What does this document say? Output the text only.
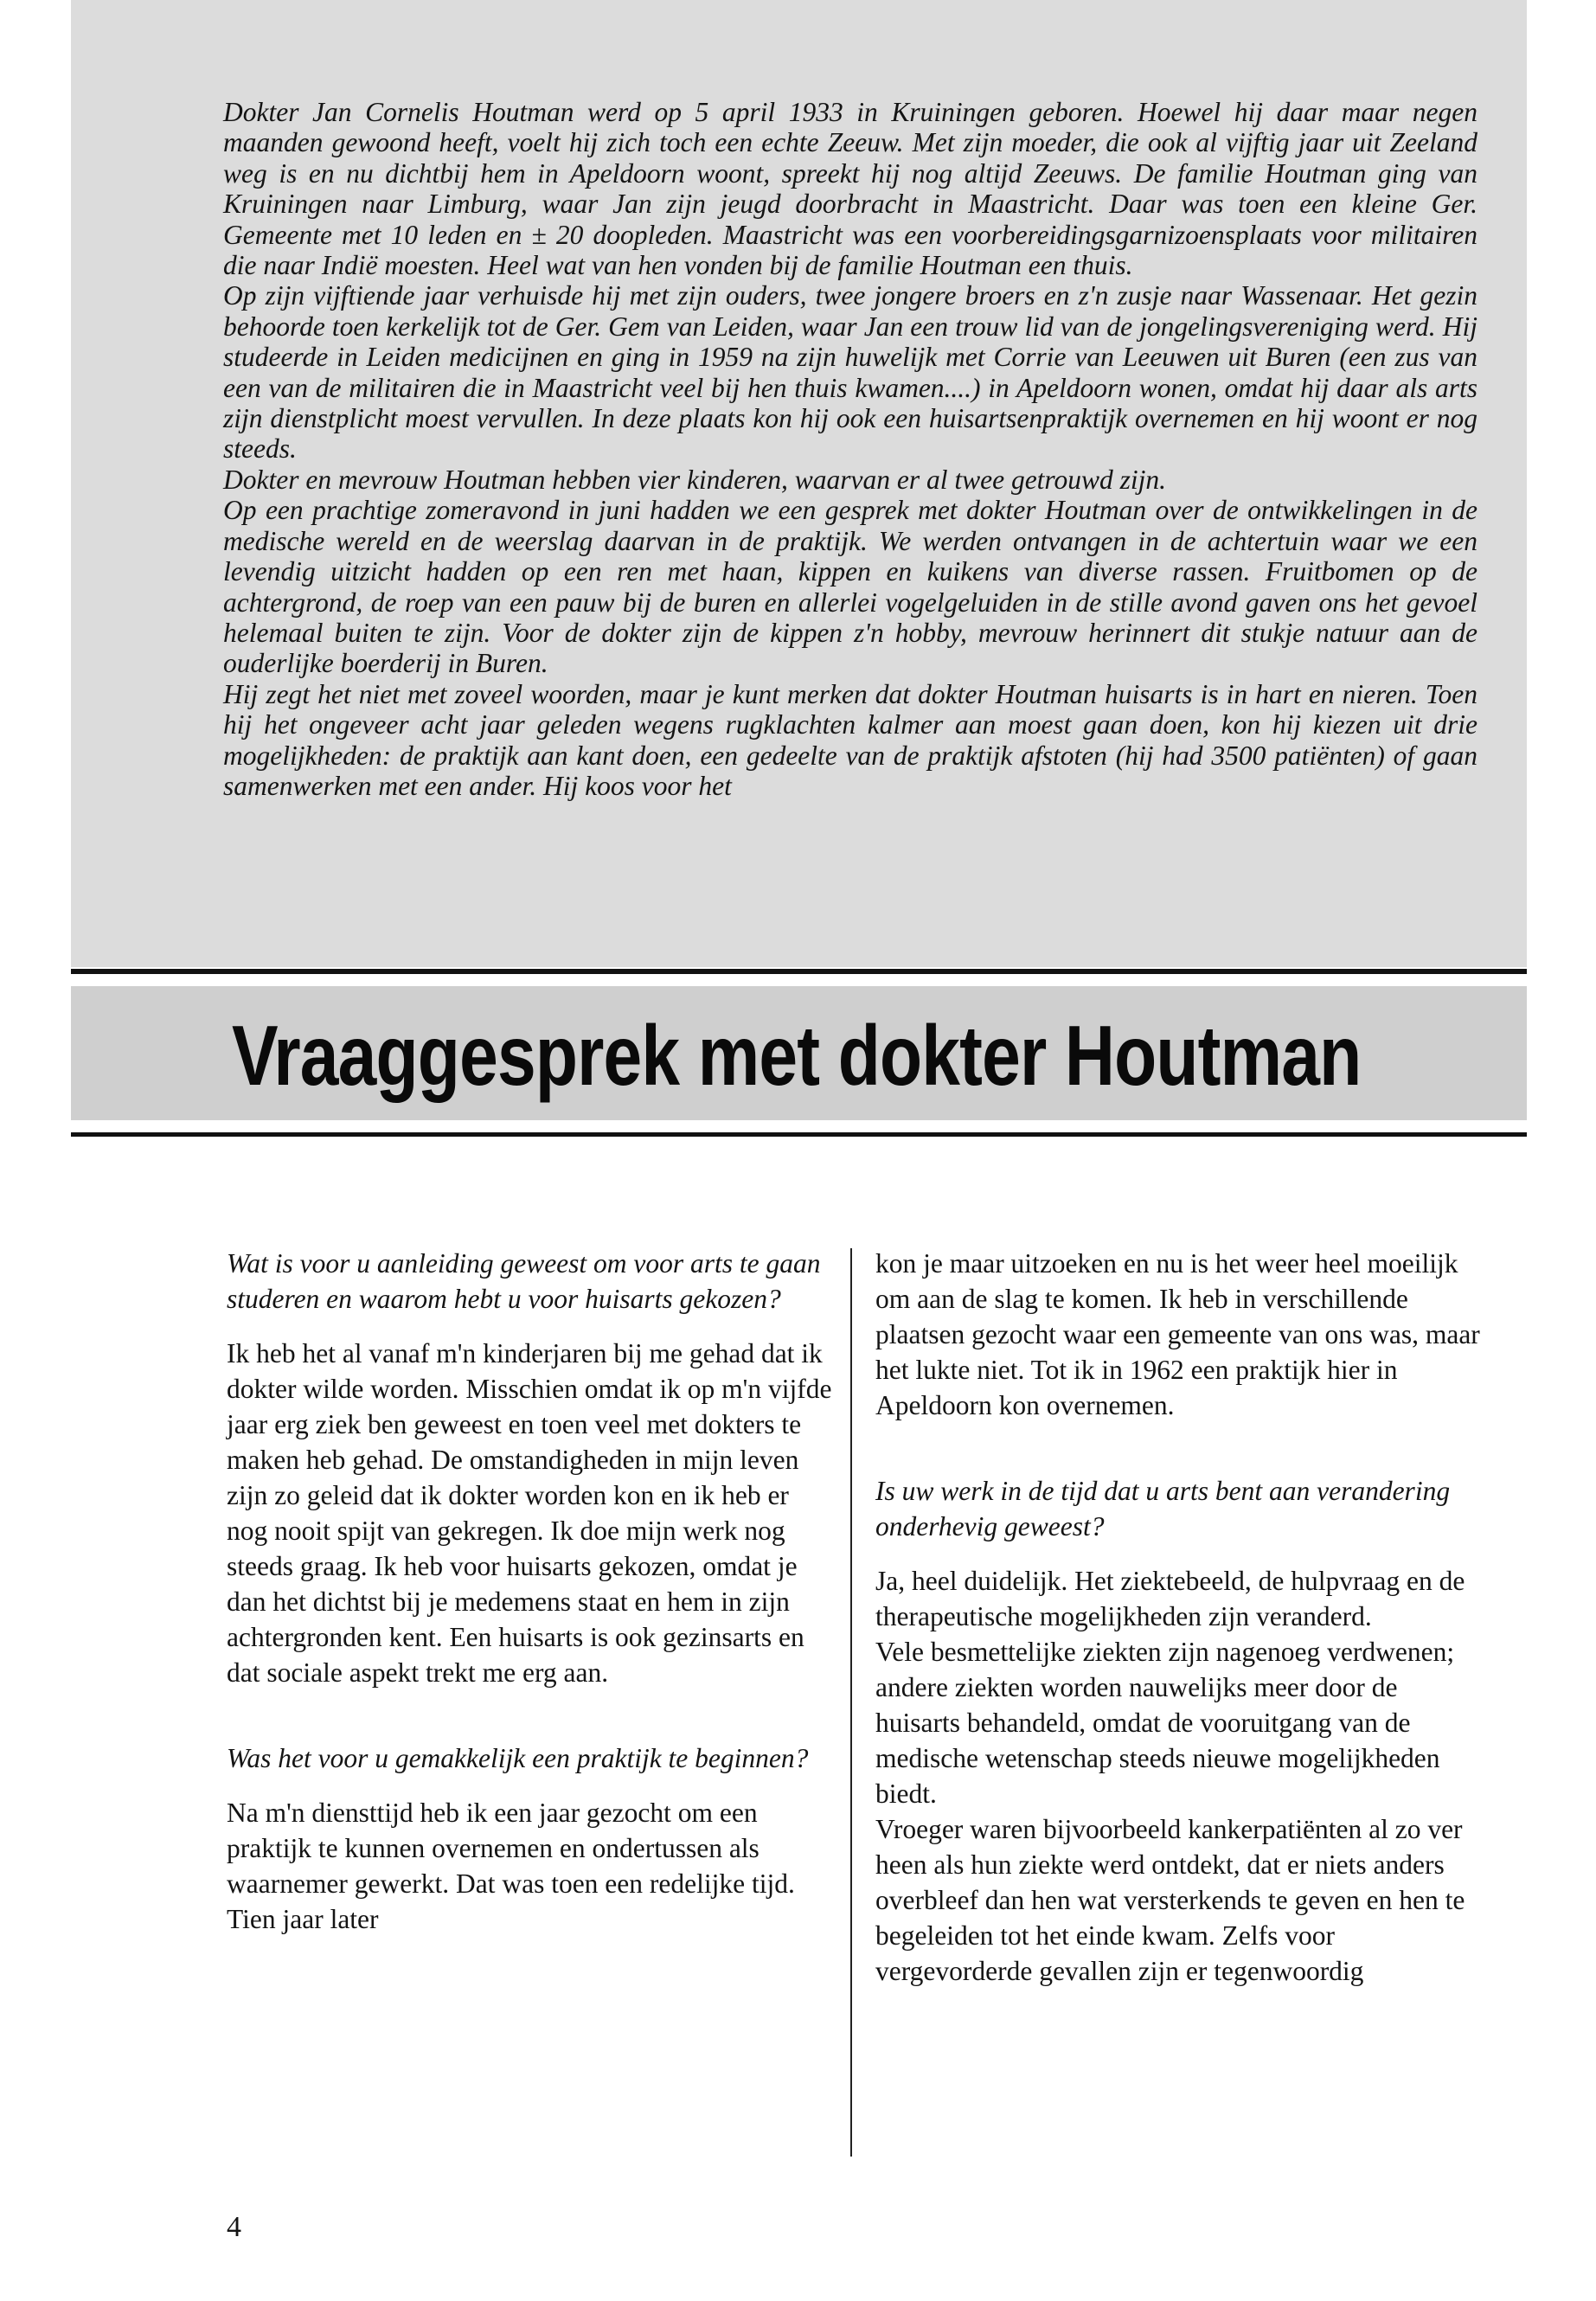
Dokter Jan Cornelis Houtman werd op 5 april 1933 in Kruiningen geboren. Hoewel hij daar maar negen maanden gewoond heeft, voelt hij zich toch een echte Zeeuw. Met zijn moeder, die ook al vijftig jaar uit Zeeland weg is en nu dichtbij hem in Apeldoorn woont, spreekt hij nog altijd Zeeuws. De familie Houtman ging van Kruiningen naar Limburg, waar Jan zijn jeugd doorbracht in Maastricht. Daar was toen een kleine Ger. Gemeente met 10 leden en ± 20 doopleden. Maastricht was een voorbereidingsgarnizoensplaats voor militairen die naar Indië moesten. Heel wat van hen vonden bij de familie Houtman een thuis.

Op zijn vijftiende jaar verhuisde hij met zijn ouders, twee jongere broers en z'n zusje naar Wassenaar. Het gezin behoorde toen kerkelijk tot de Ger. Gem van Leiden, waar Jan een trouw lid van de jongelingsvereniging werd. Hij studeerde in Leiden medicijnen en ging in 1959 na zijn huwelijk met Corrie van Leeuwen uit Buren (een zus van een van de militairen die in Maastricht veel bij hen thuis kwamen....) in Apeldoorn wonen, omdat hij daar als arts zijn dienstplicht moest vervullen. In deze plaats kon hij ook een huisartsenpraktijk overnemen en hij woont er nog steeds.

Dokter en mevrouw Houtman hebben vier kinderen, waarvan er al twee getrouwd zijn.

Op een prachtige zomeravond in juni hadden we een gesprek met dokter Houtman over de ontwikkelingen in de medische wereld en de weerslag daarvan in de praktijk. We werden ontvangen in de achtertuin waar we een levendig uitzicht hadden op een ren met haan, kippen en kuikens van diverse rassen. Fruitbomen op de achtergrond, de roep van een pauw bij de buren en allerlei vogelgeluiden in de stille avond gaven ons het gevoel helemaal buiten te zijn. Voor de dokter zijn de kippen z'n hobby, mevrouw herinnert dit stukje natuur aan de ouderlijke boerderij in Buren.

Hij zegt het niet met zoveel woorden, maar je kunt merken dat dokter Houtman huisarts is in hart en nieren. Toen hij het ongeveer acht jaar geleden wegens rugklachten kalmer aan moest gaan doen, kon hij kiezen uit drie mogelijkheden: de praktijk aan kant doen, een gedeelte van de praktijk afstoten (hij had 3500 patiënten) of gaan samenwerken met een ander. Hij koos voor het

Vraaggesprek met dokter Houtman

Wat is voor u aanleiding geweest om voor arts te gaan studeren en waarom hebt u voor huisarts gekozen?

Ik heb het al vanaf m'n kinderjaren bij me gehad dat ik dokter wilde worden. Misschien omdat ik op m'n vijfde jaar erg ziek ben geweest en toen veel met dokters te maken heb gehad. De omstandigheden in mijn leven zijn zo geleid dat ik dokter worden kon en ik heb er nog nooit spijt van gekregen. Ik doe mijn werk nog steeds graag. Ik heb voor huisarts gekozen, omdat je dan het dichtst bij je medemens staat en hem in zijn achtergronden kent. Een huisarts is ook gezinsarts en dat sociale aspekt trekt me erg aan.

Was het voor u gemakkelijk een praktijk te beginnen?

Na m'n diensttijd heb ik een jaar gezocht om een praktijk te kunnen overnemen en ondertussen als waarnemer gewerkt. Dat was toen een redelijke tijd. Tien jaar later

kon je maar uitzoeken en nu is het weer heel moeilijk om aan de slag te komen. Ik heb in verschillende plaatsen gezocht waar een gemeente van ons was, maar het lukte niet. Tot ik in 1962 een praktijk hier in Apeldoorn kon overnemen.

Is uw werk in de tijd dat u arts bent aan verandering onderhevig geweest?

Ja, heel duidelijk. Het ziektebeeld, de hulpvraag en de therapeutische mogelijkheden zijn veranderd.

Vele besmettelijke ziekten zijn nagenoeg verdwenen; andere ziekten worden nauwelijks meer door de huisarts behandeld, omdat de vooruitgang van de medische wetenschap steeds nieuwe mogelijkheden biedt.

Vroeger waren bijvoorbeeld kankerpatiënten al zo ver heen als hun ziekte werd ontdekt, dat er niets anders overbleef dan hen wat versterkends te geven en hen te begeleiden tot het einde kwam. Zelfs voor vergevorderde gevallen zijn er tegenwoordig

4
